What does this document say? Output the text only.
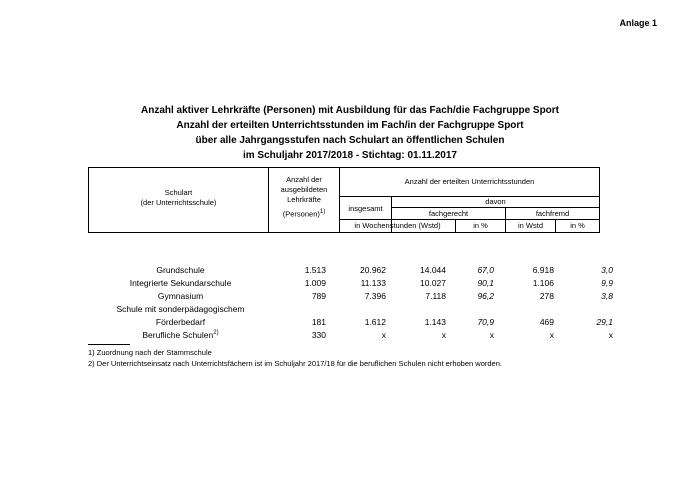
Anlage 1
Anzahl aktiver Lehrkräfte (Personen) mit Ausbildung für das Fach/die Fachgruppe Sport
Anzahl der erteilten Unterrichtsstunden im Fach/in der Fachgruppe Sport
über alle Jahrgangsstufen nach Schulart an öffentlichen Schulen
im Schuljahr 2017/2018 - Stichtag: 01.11.2017
Schulart
(der Unterrichtsschule)
Anzahl der
ausgebildeten
Lehrkräfte
(Personen)$^{1)}$
Anzahl der erteilten Unterrichtsstunden
insgesamt
davon
fachgerecht	fachfremd
in Wochenstunden (Wstd)	in %	in Wstd	in %
Grundschule	1.513	20.962	14.044	67,0	6.918	3,0
Integrierte Sekundarschule	1.009	11.133	10.027	90,1	1.106	9,9
Gymnasium	789	7.396	7.118	96,2	278	3,8
Schule mit sonderpädagogischem
Förderbedarf	181	1.612	1.143	70,9	469	29,1
Berufliche Schulen$^{2)}$	330	x	x	x	x	x
1) Zuordnung nach der Stammschule
2) Der Unterrichtseinsatz nach Unterrichtsfächern ist im Schuljahr 2017/18 für die beruflichen Schulen nicht erhoben worden.
